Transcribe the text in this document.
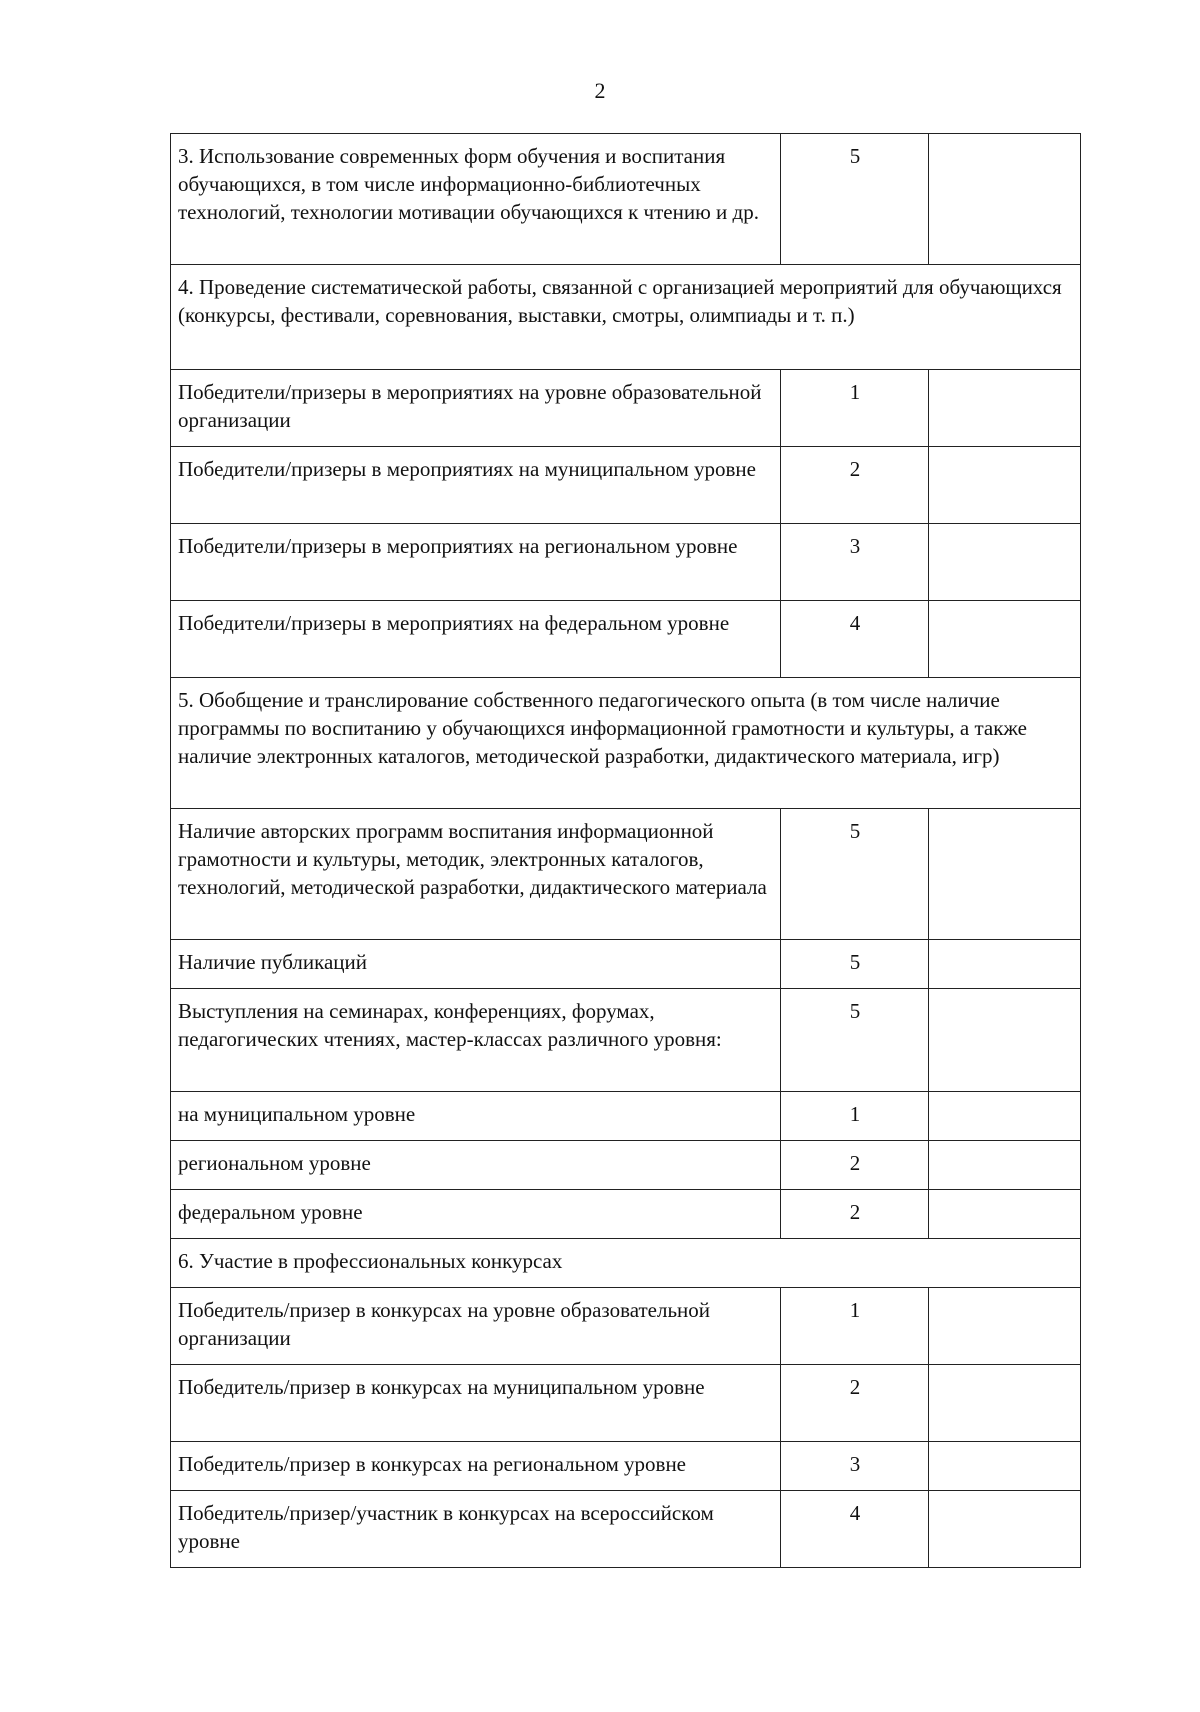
2
3. Использование современных форм обучения и воспитания обучающихся, в том числе информационно-библиотечных технологий, технологии мотивации обучающихся к чтению и др.	5	
4. Проведение систематической работы, связанной с организацией мероприятий для обучающихся (конкурсы, фестивали, соревнования, выставки, смотры, олимпиады и т. п.)		
Победители/призеры в мероприятиях на уровне образовательной организации	1	
Победители/призеры в мероприятиях на муниципальном уровне	2	
Победители/призеры в мероприятиях на региональном уровне	3	
Победители/призеры в мероприятиях на федеральном уровне	4	
5. Обобщение и транслирование собственного педагогического опыта (в том числе наличие программы по воспитанию у обучающихся информационной грамотности и культуры, а также наличие электронных каталогов, методической разработки, дидактического материала, игр)		
Наличие авторских программ воспитания информационной грамотности и культуры, методик, электронных каталогов, технологий, методической разработки, дидактического материала	5	
Наличие публикаций	5	
Выступления на семинарах, конференциях, форумах, педагогических чтениях, мастер-классах различного уровня:	5	
на муниципальном уровне	1	
региональном уровне	2	
федеральном уровне	2	
6. Участие в профессиональных конкурсах		
Победитель/призер в конкурсах на уровне образовательной организации	1	
Победитель/призер в конкурсах на муниципальном уровне	2	
Победитель/призер в конкурсах на региональном уровне	3	
Победитель/призер/участник в конкурсах на всероссийском уровне	4	
